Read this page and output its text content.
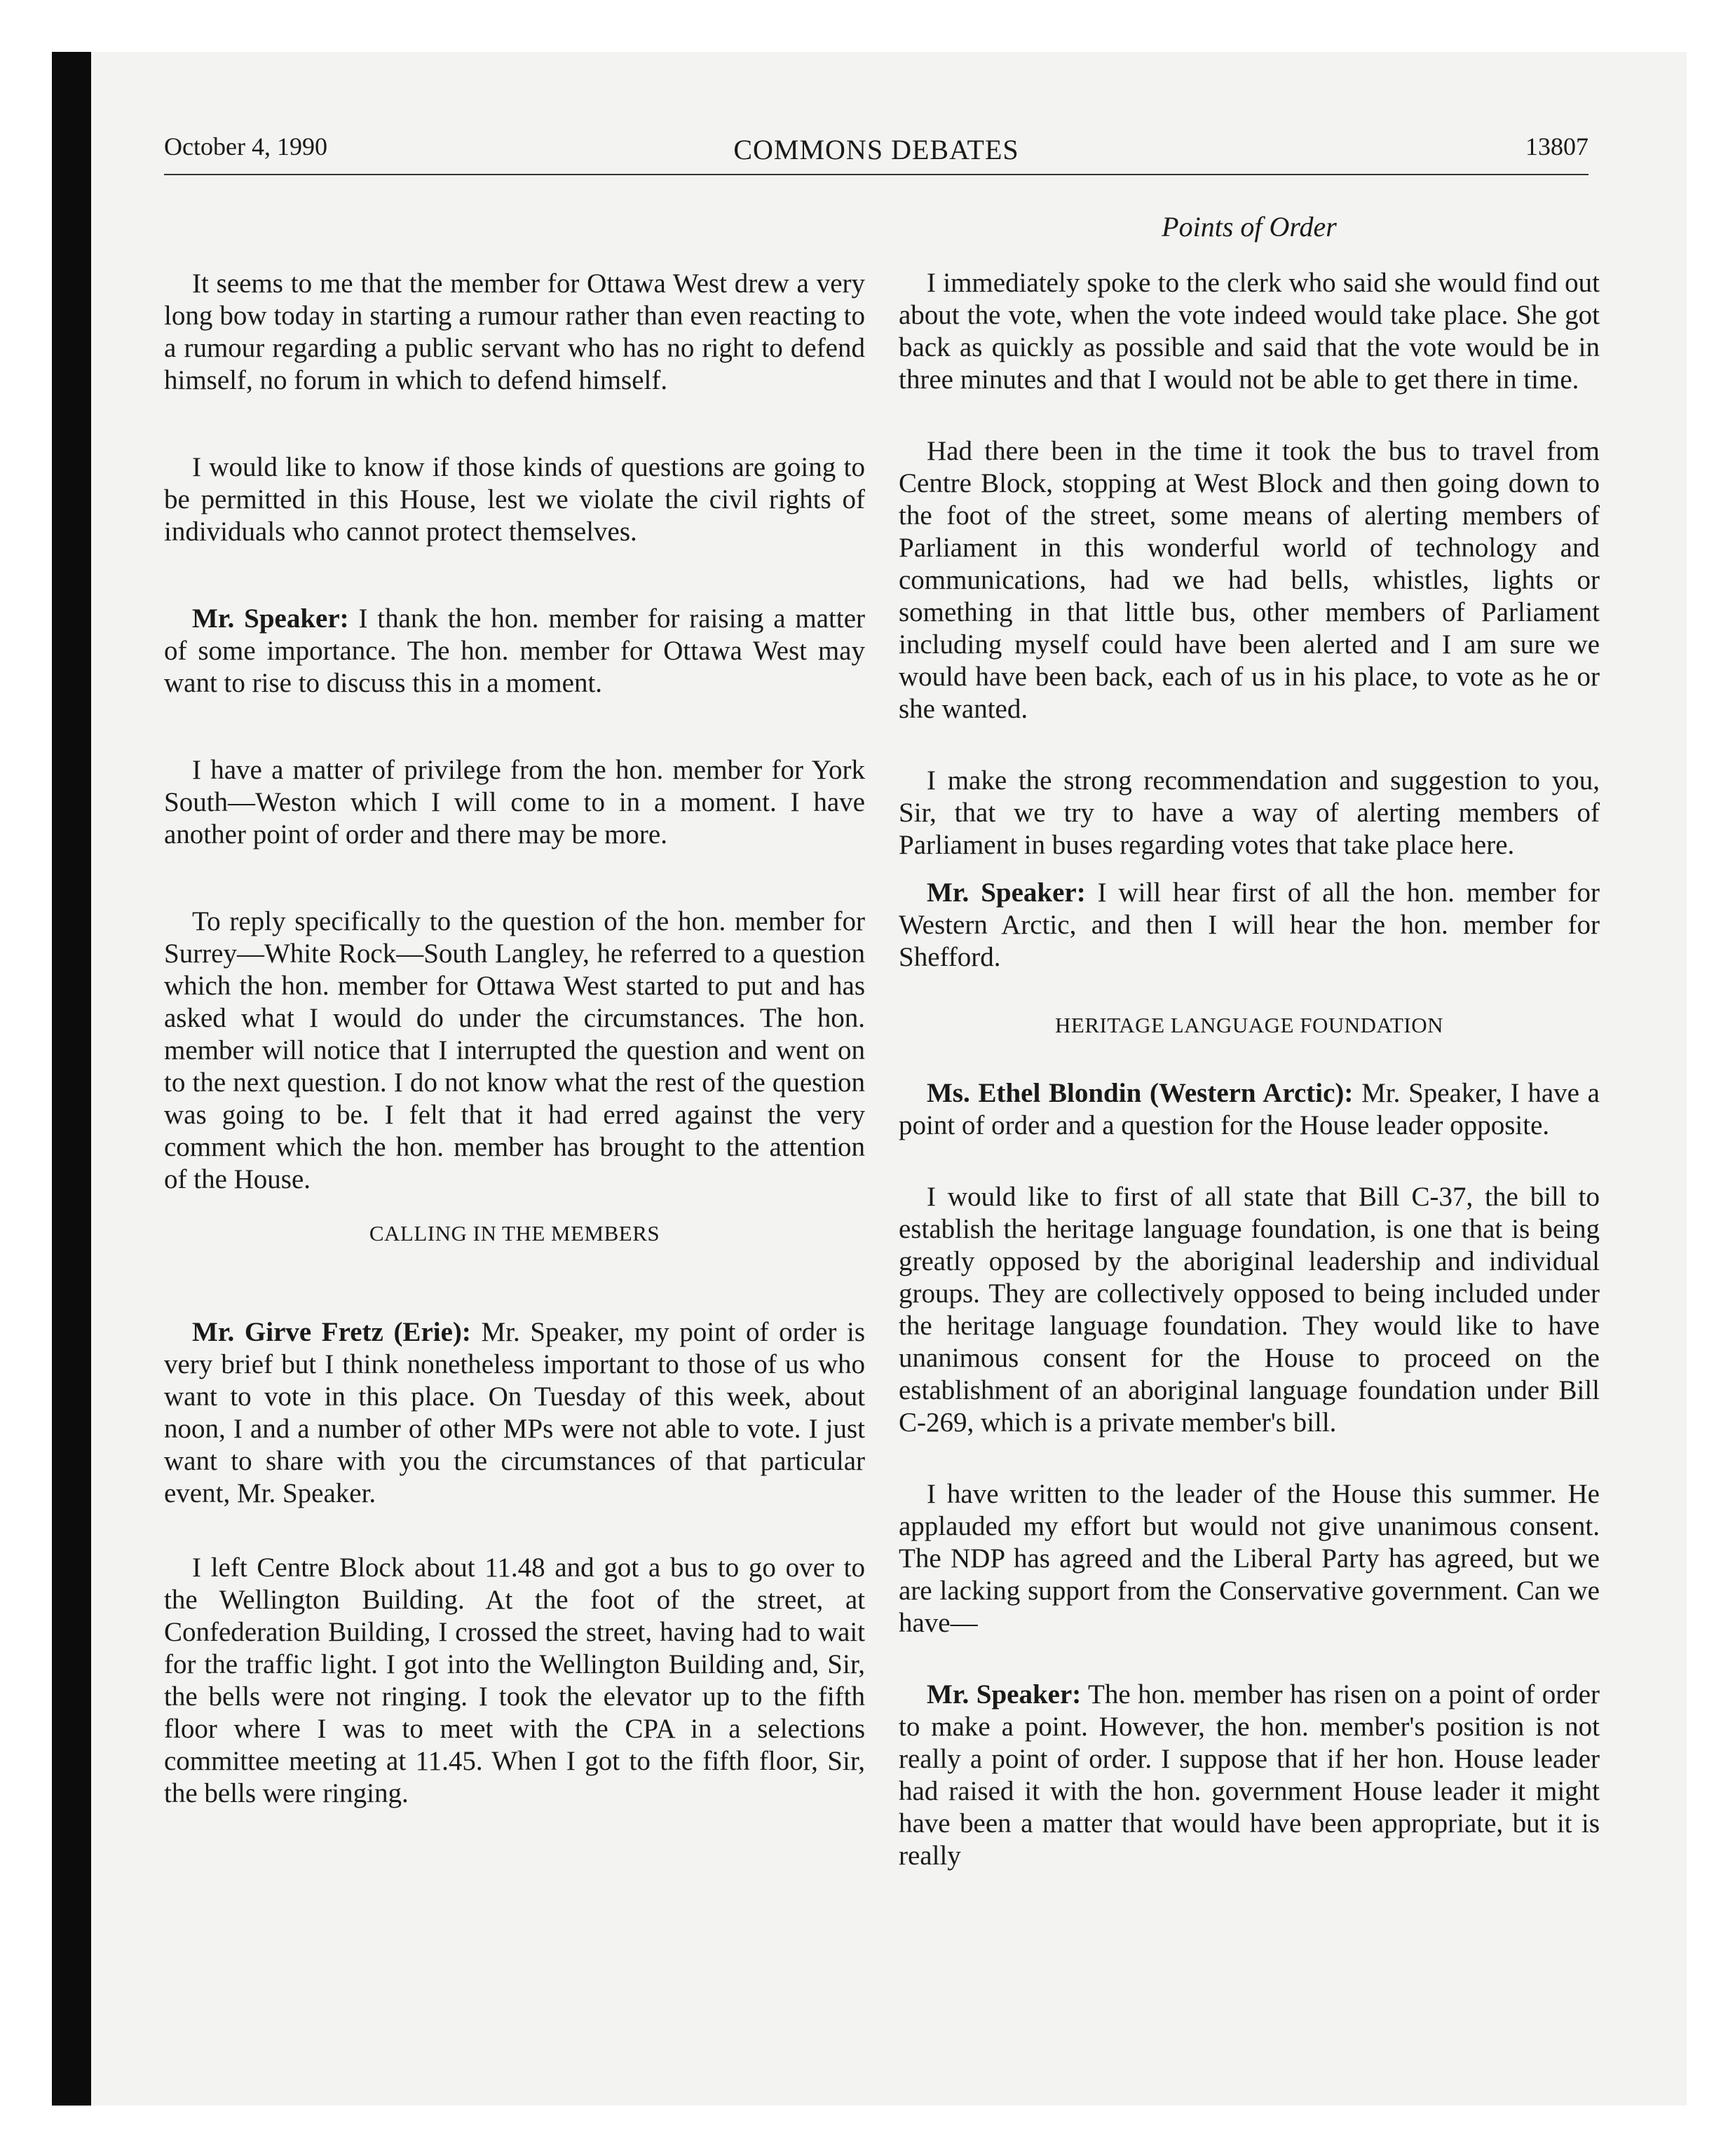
October 4, 1990	COMMONS DEBATES	13807

It seems to me that the member for Ottawa West drew a very long bow today in starting a rumour rather than even reacting to a rumour regarding a public servant who has no right to defend himself, no forum in which to defend himself.

I would like to know if those kinds of questions are going to be permitted in this House, lest we violate the civil rights of individuals who cannot protect themselves.

Mr. Speaker: I thank the hon. member for raising a matter of some importance. The hon. member for Ottawa West may want to rise to discuss this in a moment.

I have a matter of privilege from the hon. member for York South—Weston which I will come to in a moment. I have another point of order and there may be more.

To reply specifically to the question of the hon. member for Surrey—White Rock—South Langley, he referred to a question which the hon. member for Ottawa West started to put and has asked what I would do under the circumstances. The hon. member will notice that I interrupted the question and went on to the next question. I do not know what the rest of the question was going to be. I felt that it had erred against the very comment which the hon. member has brought to the attention of the House.

CALLING IN THE MEMBERS

Mr. Girve Fretz (Erie): Mr. Speaker, my point of order is very brief but I think nonetheless important to those of us who want to vote in this place. On Tuesday of this week, about noon, I and a number of other MPs were not able to vote. I just want to share with you the circumstances of that particular event, Mr. Speaker.

I left Centre Block about 11.48 and got a bus to go over to the Wellington Building. At the foot of the street, at Confederation Building, I crossed the street, having had to wait for the traffic light. I got into the Wellington Building and, Sir, the bells were not ringing. I took the elevator up to the fifth floor where I was to meet with the CPA in a selections committee meeting at 11.45. When I got to the fifth floor, Sir, the bells were ringing.

Points of Order

I immediately spoke to the clerk who said she would find out about the vote, when the vote indeed would take place. She got back as quickly as possible and said that the vote would be in three minutes and that I would not be able to get there in time.

Had there been in the time it took the bus to travel from Centre Block, stopping at West Block and then going down to the foot of the street, some means of alerting members of Parliament in this wonderful world of technology and communications, had we had bells, whistles, lights or something in that little bus, other members of Parliament including myself could have been alerted and I am sure we would have been back, each of us in his place, to vote as he or she wanted.

I make the strong recommendation and suggestion to you, Sir, that we try to have a way of alerting members of Parliament in buses regarding votes that take place here.

Mr. Speaker: I will hear first of all the hon. member for Western Arctic, and then I will hear the hon. member for Shefford.

HERITAGE LANGUAGE FOUNDATION

Ms. Ethel Blondin (Western Arctic): Mr. Speaker, I have a point of order and a question for the House leader opposite.

I would like to first of all state that Bill C-37, the bill to establish the heritage language foundation, is one that is being greatly opposed by the aboriginal leadership and individual groups. They are collectively opposed to being included under the heritage language foundation. They would like to have unanimous consent for the House to proceed on the establishment of an aboriginal language foundation under Bill C-269, which is a private member's bill.

I have written to the leader of the House this summer. He applauded my effort but would not give unanimous consent. The NDP has agreed and the Liberal Party has agreed, but we are lacking support from the Conservative government. Can we have—

Mr. Speaker: The hon. member has risen on a point of order to make a point. However, the hon. member's position is not really a point of order. I suppose that if her hon. House leader had raised it with the hon. government House leader it might have been a matter that would have been appropriate, but it is really
